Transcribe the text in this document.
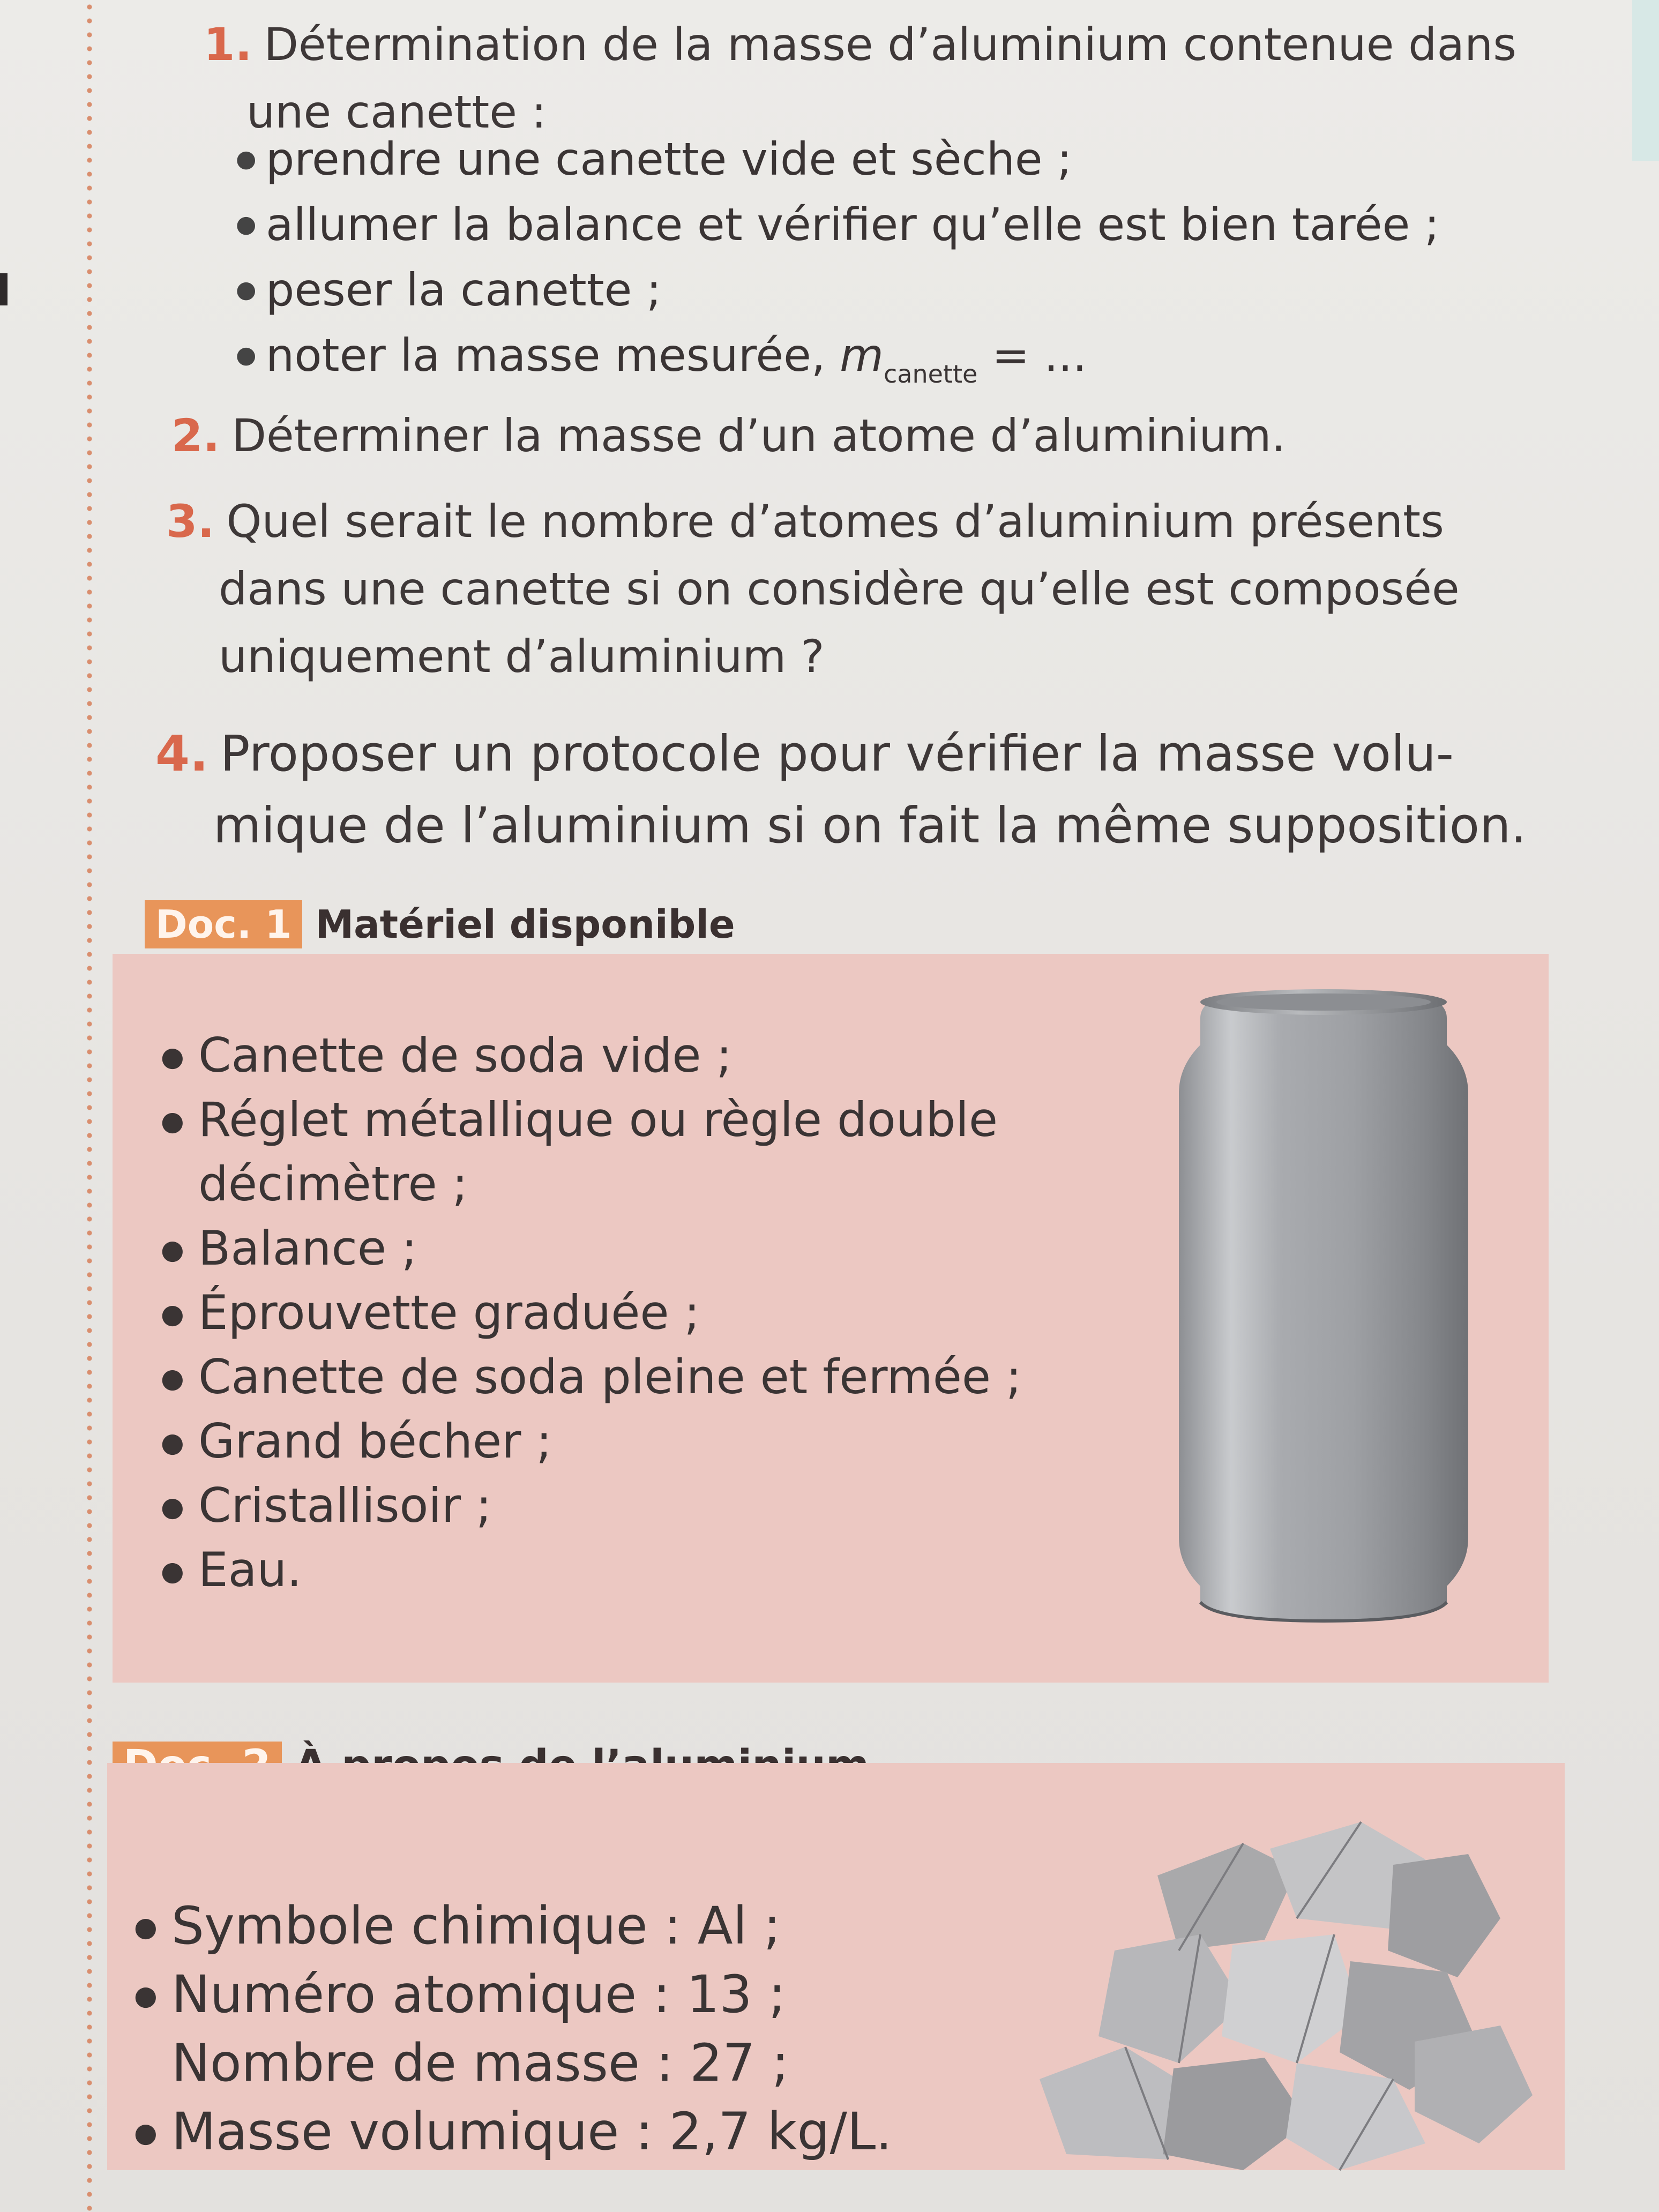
1. Détermination de la masse d’aluminium contenue dans
une canette :
● prendre une canette vide et sèche ;
● allumer la balance et vérifier qu’elle est bien tarée ;
● peser la canette ;
● noter la masse mesurée, $m_{canette}$ = ...
2. Déterminer la masse d’un atome d’aluminium.
3. Quel serait le nombre d’atomes d’aluminium présents
dans une canette si on considère qu’elle est composée
uniquement d’aluminium ?
4. Proposer un protocole pour vérifier la masse volu-
mique de l’aluminium si on fait la même supposition.
Doc. 1 Matériel disponible
● Canette de soda vide ;
● Réglet métallique ou règle double
décimètre ;
● Balance ;
● Éprouvette graduée ;
● Canette de soda pleine et fermée ;
● Grand bécher ;
● Cristallisoir ;
● Eau.
● Symbole chimique : Al ;
● Numéro atomique : 13 ;
Nombre de masse : 27 ;
● Masse volumique : 2,7 kg/L.
